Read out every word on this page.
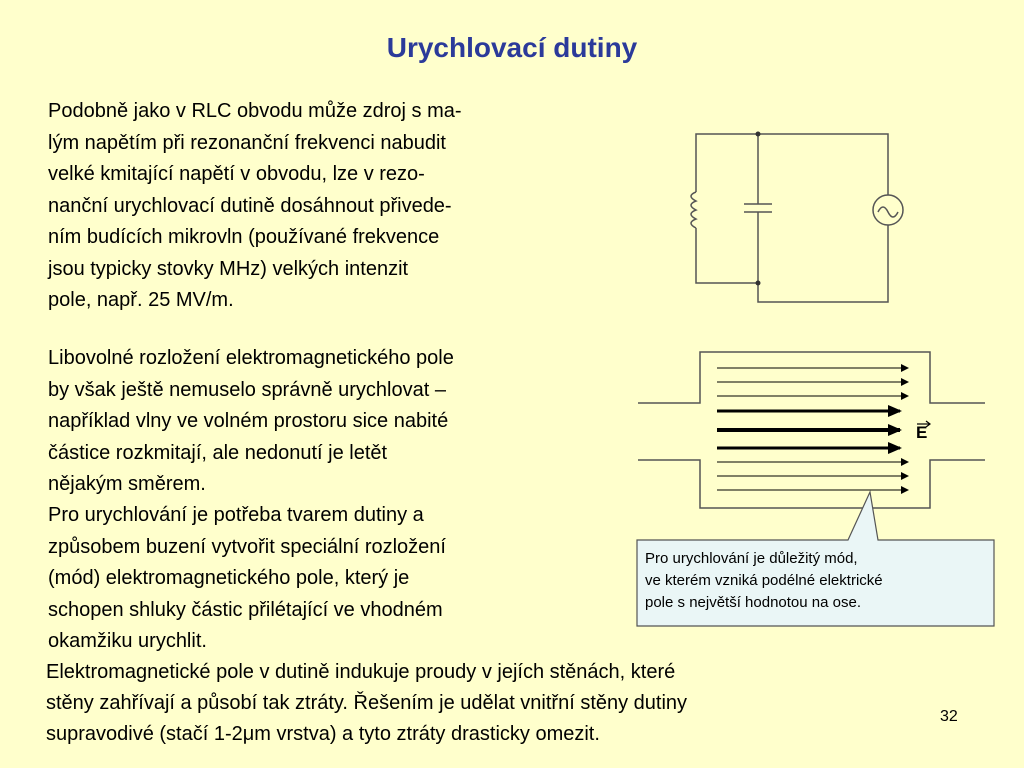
Urychlovací dutiny
Podobně jako v RLC obvodu může zdroj s ma-
lým napětím při rezonanční frekvenci nabudit
velké kmitající napětí v obvodu, lze v rezo-
nanční urychlovací dutině dosáhnout přivede-
ním budících mikrovln (používané frekvence
jsou typicky stovky MHz) velkých intenzit
pole, např. 25 MV/m.
Libovolné rozložení elektromagnetického pole
by však ještě nemuselo správně urychlovat –
například vlny ve volném prostoru sice nabité
částice rozkmitají, ale nedonutí je letět
nějakým směrem.
Pro urychlování je potřeba tvarem dutiny a
způsobem buzení vytvořit speciální rozložení
(mód) elektromagnetického pole, který je
schopen shluky částic přilétající ve vhodném
okamžiku urychlit.
Elektromagnetické pole v dutině indukuje proudy v jejích stěnách, které
stěny zahřívají a působí tak ztráty. Řešením je udělat vnitřní stěny dutiny
supravodivé (stačí 1-2μm vrstva) a tyto ztráty drasticky omezit.
E
Pro urychlování je důležitý mód,
ve kterém vzniká podélné elektrické
pole s největší hodnotou na ose.
32
